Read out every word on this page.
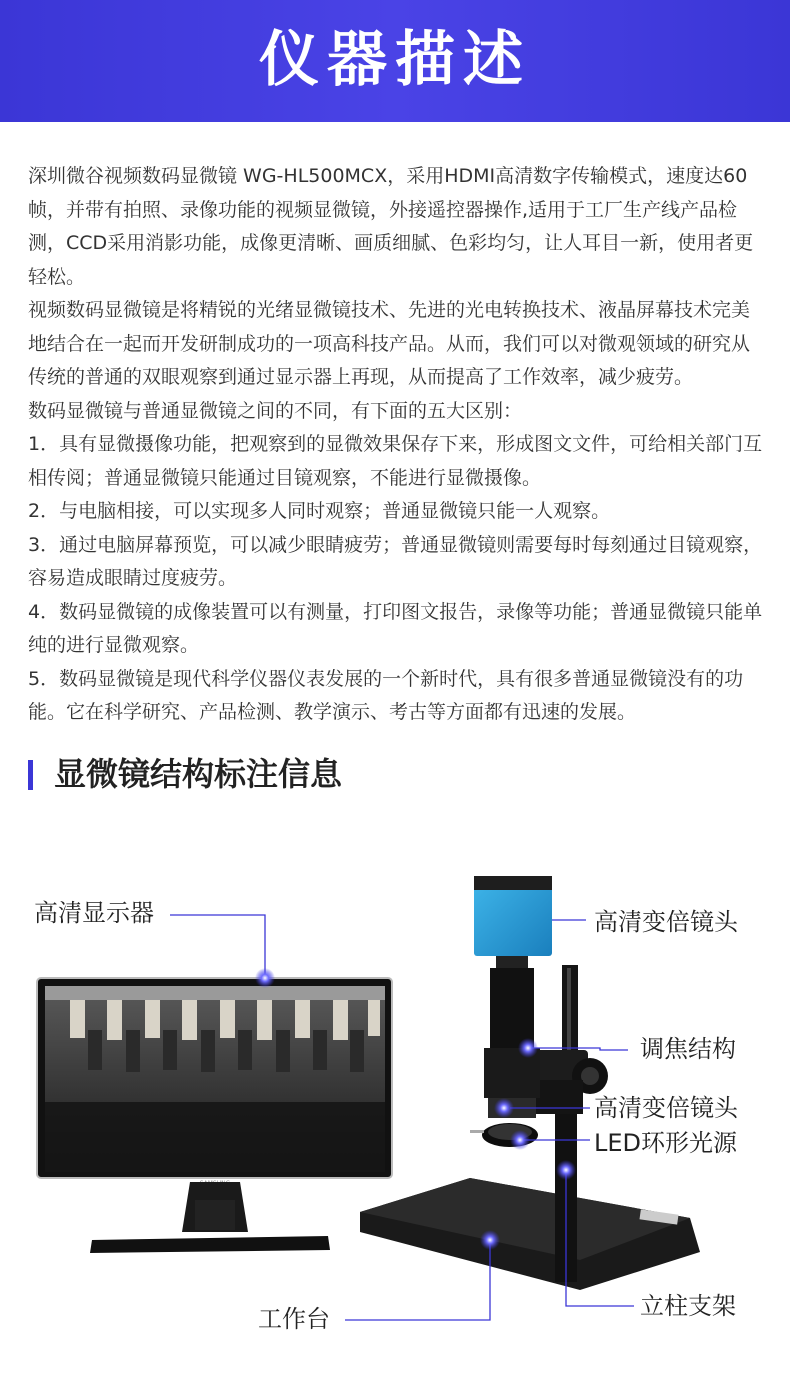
仪器描述

深圳微谷视频数码显微镜 WG-HL500MCX，采用HDMI高清数字传输模式，速度达60帧，并带有拍照、录像功能的视频显微镜，外接遥控器操作,适用于工厂生产线产品检测，CCD采用消影功能，成像更清晰、画质细腻、色彩均匀，让人耳目一新，使用者更轻松。

视频数码显微镜是将精锐的光绪显微镜技术、先进的光电转换技术、液晶屏幕技术完美地结合在一起而开发研制成功的一项高科技产品。从而，我们可以对微观领域的研究从传统的普通的双眼观察到通过显示器上再现，从而提高了工作效率，减少疲劳。

数码显微镜与普通显微镜之间的不同，有下面的五大区别：

1．具有显微摄像功能，把观察到的显微效果保存下来，形成图文文件，可给相关部门互相传阅；普通显微镜只能通过目镜观察，不能进行显微摄像。

2．与电脑相接，可以实现多人同时观察；普通显微镜只能一人观察。

3．通过电脑屏幕预览，可以减少眼睛疲劳；普通显微镜则需要每时每刻通过目镜观察，容易造成眼睛过度疲劳。

4．数码显微镜的成像装置可以有测量，打印图文报告，录像等功能；普通显微镜只能单纯的进行显微观察。

5．数码显微镜是现代科学仪器仪表发展的一个新时代，具有很多普通显微镜没有的功能。它在科学研究、产品检测、教学演示、考古等方面都有迅速的发展。

显微镜结构标注信息
高清显示器	高清变倍镜头
调焦结构
高清变倍镜头
LED环形光源
工作台	立柱支架
